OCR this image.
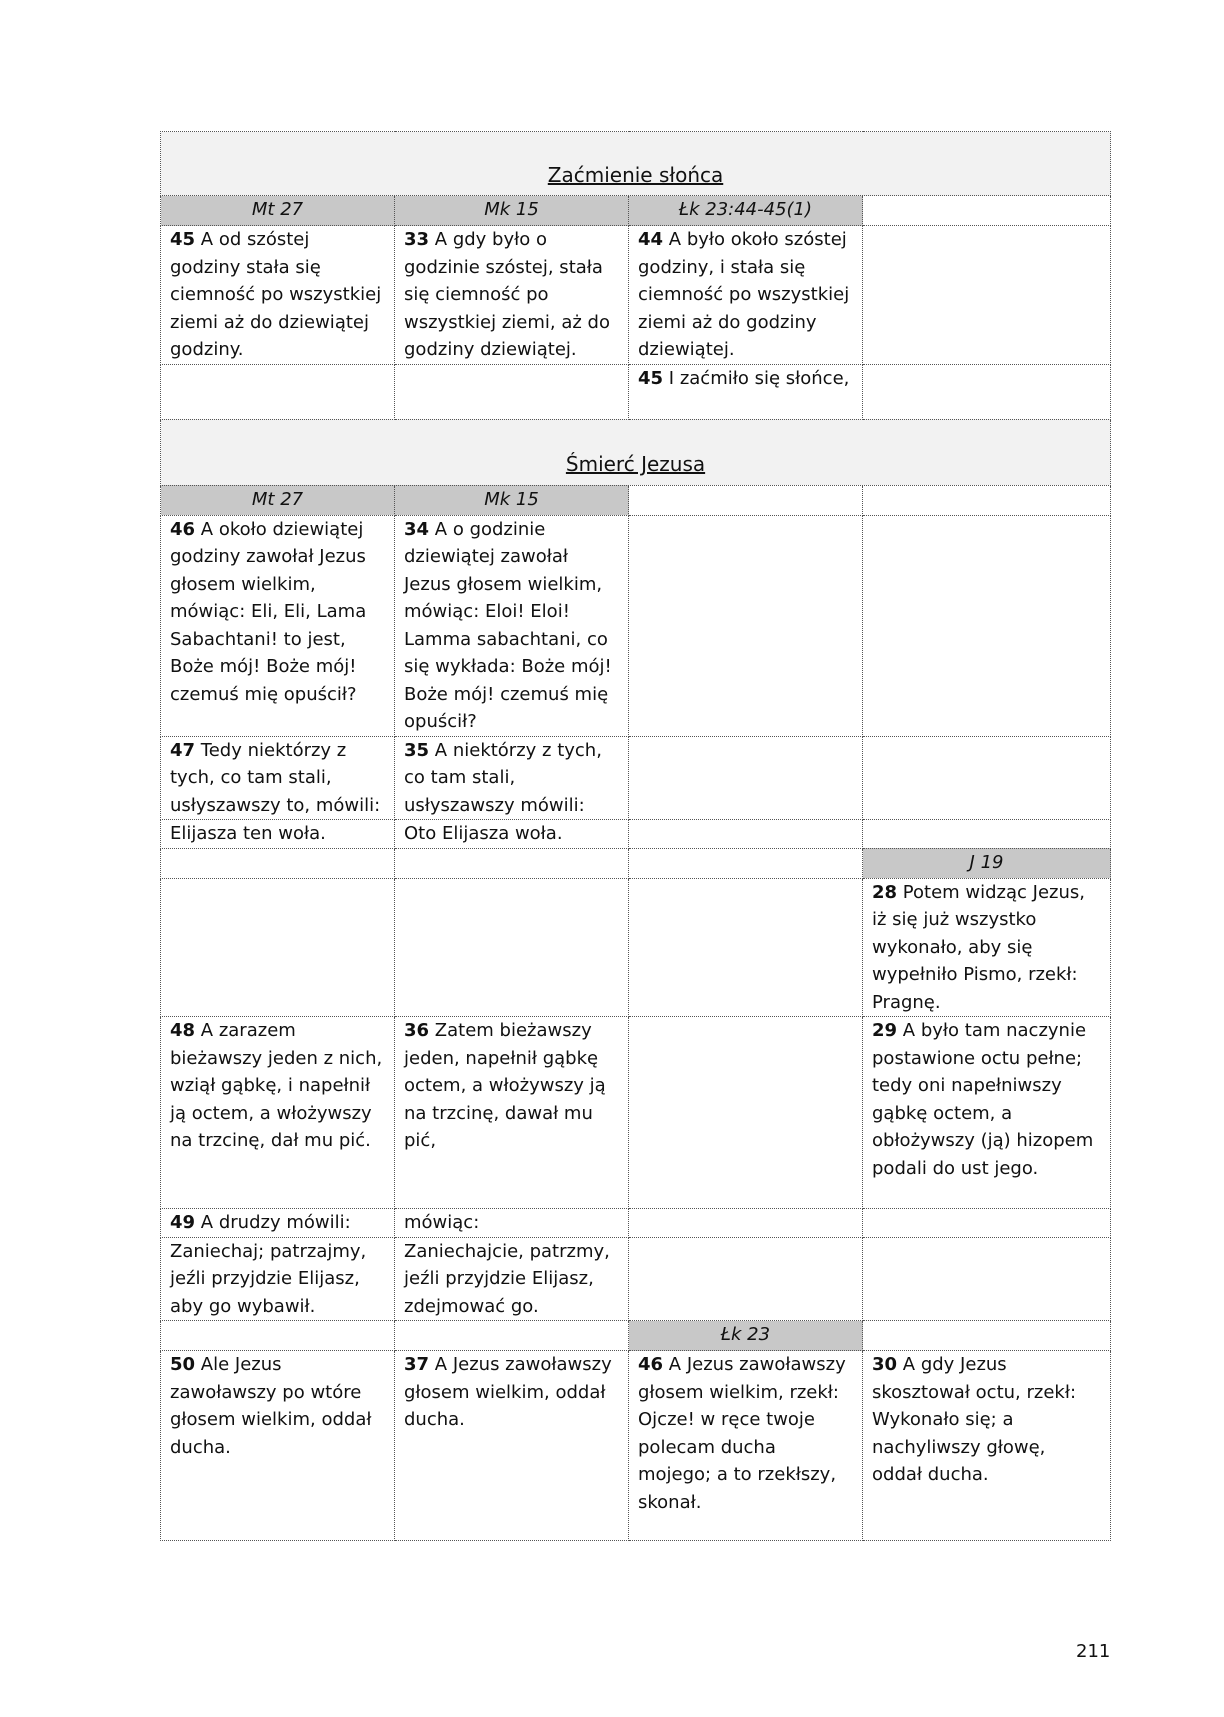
Zaćmienie słońca			
Mt 27	Mk 15	Łk 23:44-45(1)	
45 A od szóstej godziny stała się ciemność po wszystkiej ziemi aż do dziewiątej godziny.	33 A gdy było o godzinie szóstej, stała się ciemność po wszystkiej ziemi, aż do godziny dziewiątej.	44 A było około szóstej godziny, i stała się ciemność po wszystkiej ziemi aż do godziny dziewiątej.	
		45 I zaćmiło się słońce,	
Śmierć Jezusa			
Mt 27	Mk 15		
46 A około dziewiątej godziny zawołał Jezus głosem wielkim, mówiąc: Eli, Eli, Lama Sabachtani! to jest, Boże mój! Boże mój! czemuś mię opuścił?	34 A o godzinie dziewiątej zawołał Jezus głosem wielkim, mówiąc: Eloi! Eloi! Lamma sabachtani, co się wykłada: Boże mój! Boże mój! czemuś mię opuścił?		
47 Tedy niektórzy z tych, co tam stali, usłyszawszy to, mówili:	35 A niektórzy z tych, co tam stali, usłyszawszy mówili:		
Elijasza ten woła.	Oto Elijasza woła.		
			J 19
			28 Potem widząc Jezus, iż się już wszystko wykonało, aby się wypełniło Pismo, rzekł: Pragnę.
48 A zarazem bieżawszy jeden z nich, wziął gąbkę, i napełnił ją octem, a włożywszy na trzcinę, dał mu pić.	36 Zatem bieżawszy jeden, napełnił gąbkę octem, a włożywszy ją na trzcinę, dawał mu pić,		29 A było tam naczynie postawione octu pełne; tedy oni napełniwszy gąbkę octem, a obłożywszy (ją) hizopem podali do ust jego.
49 A drudzy mówili:	mówiąc:		
Zaniechaj; patrzajmy, jeźli przyjdzie Elijasz, aby go wybawił.	Zaniechajcie, patrzmy, jeźli przyjdzie Elijasz, zdejmować go.		
		Łk 23	
50 Ale Jezus zawoławszy po wtóre głosem wielkim, oddał ducha.	37 A Jezus zawoławszy głosem wielkim, oddał ducha.	46 A Jezus zawoławszy głosem wielkim, rzekł: Ojcze! w ręce twoje polecam ducha mojego; a to rzekłszy, skonał.	30 A gdy Jezus skosztował octu, rzekł: Wykonało się; a nachyliwszy głowę, oddał ducha.
211
